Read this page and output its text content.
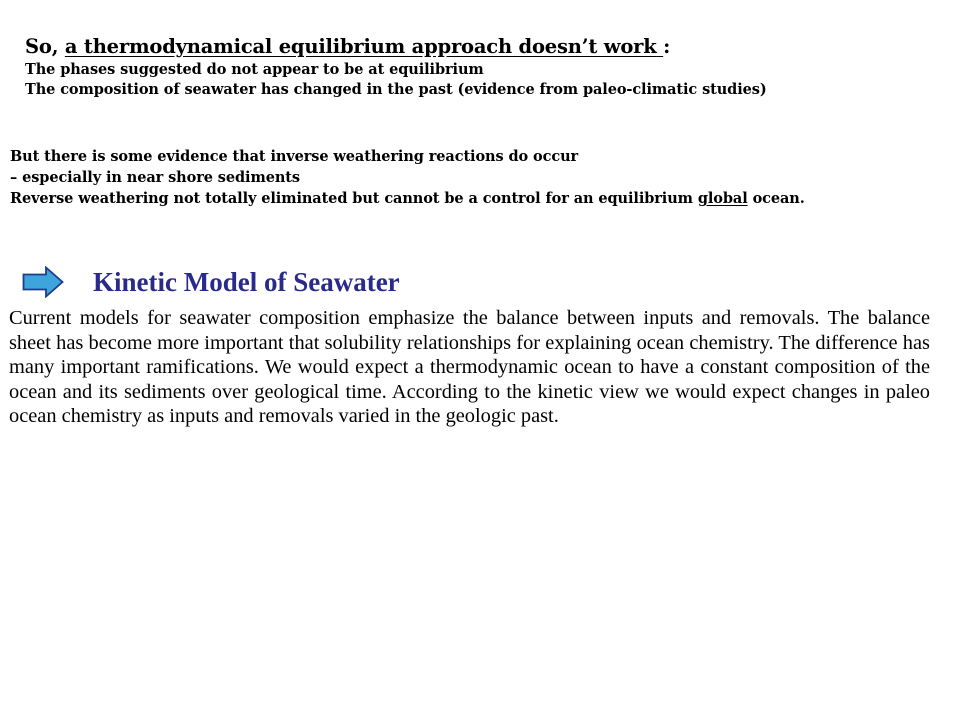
So, a thermodynamical equilibrium approach doesn’t work :
The phases suggested do not appear to be at equilibrium
The composition of seawater has changed in the past (evidence from paleo-climatic studies)
But there is some evidence that inverse weathering reactions do occur
– especially in near shore sediments
Reverse weathering not totally eliminated but cannot be a control for an equilibrium global ocean.
Kinetic Model of Seawater
Current models for seawater composition emphasize the balance between inputs and removals. The balance sheet has become more important that solubility relationships for explaining ocean chemistry. The difference has many important ramifications. We would expect a thermodynamic ocean to have a constant composition of the ocean and its sediments over geological time. According to the kinetic view we would expect changes in paleo ocean chemistry as inputs and removals varied in the geologic past.
